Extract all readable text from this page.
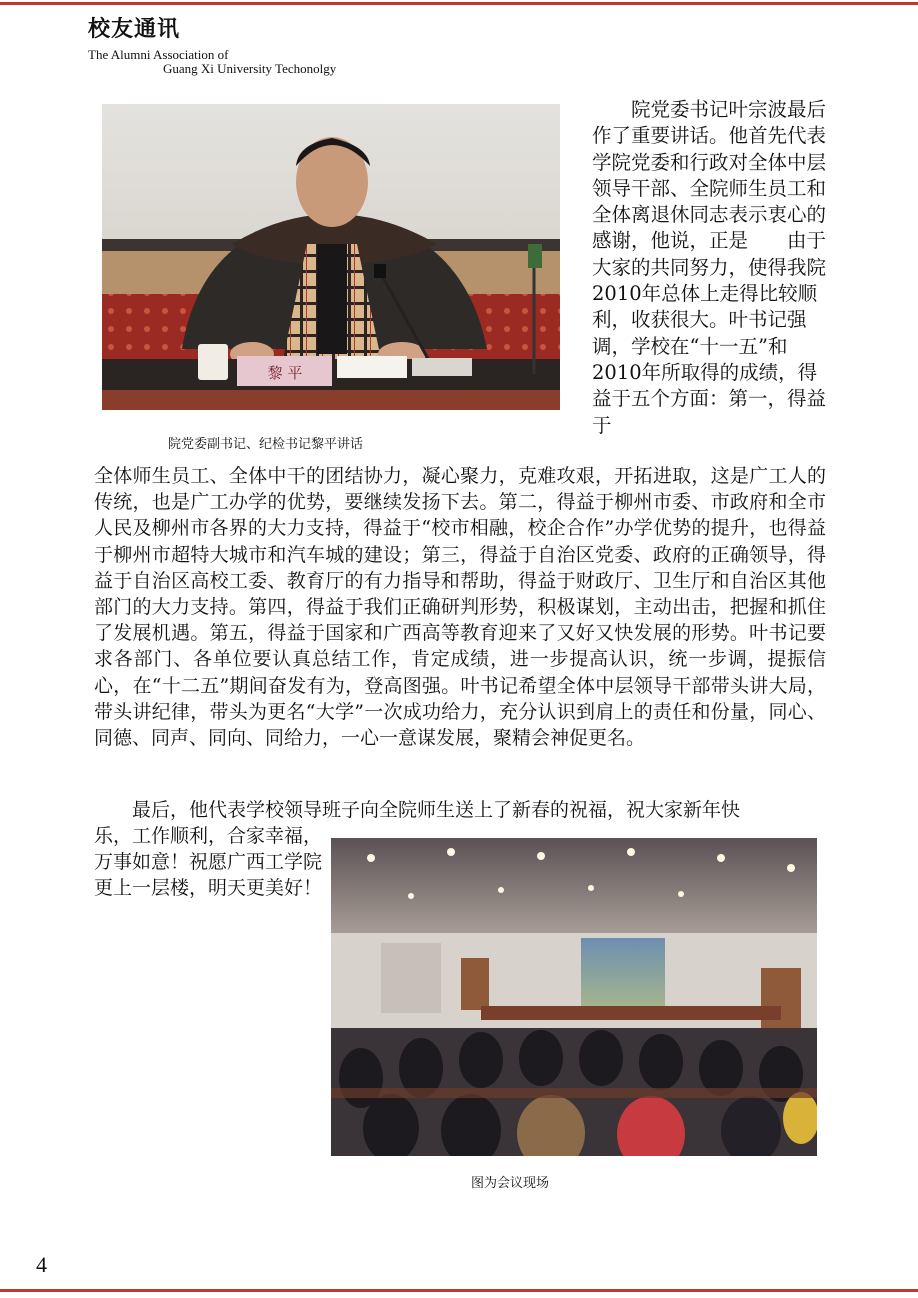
校友通讯
The Alumni Association of
Guang Xi University Techonolgy
黎 平
院党委副书记、纪检书记黎平讲话

　　院党委书记叶宗波最后作了重要讲话。他首先代表学院党委和行政对全体中层领导干部、全院师生员工和全体离退休同志表示衷心的感谢，他说，正是　　由于大家的共同努力，使得我院2010年总体上走得比较顺利，收获很大。叶书记强调，学校在“十一五”和2010年所取得的成绩，得益于五个方面：第一，得益于

全体师生员工、全体中干的团结协力，凝心聚力，克难攻艰，开拓进取，这是广工人的传统，也是广工办学的优势，要继续发扬下去。第二，得益于柳州市委、市政府和全市人民及柳州市各界的大力支持，得益于“校市相融，校企合作”办学优势的提升，也得益于柳州市超特大城市和汽车城的建设；第三，得益于自治区党委、政府的正确领导，得益于自治区高校工委、教育厅的有力指导和帮助，得益于财政厅、卫生厅和自治区其他部门的大力支持。第四，得益于我们正确研判形势，积极谋划，主动出击，把握和抓住了发展机遇。第五，得益于国家和广西高等教育迎来了又好又快发展的形势。叶书记要求各部门、各单位要认真总结工作，肯定成绩，进一步提高认识，统一步调，提振信心，在“十二五”期间奋发有为，登高图强。叶书记希望全体中层领导干部带头讲大局，带头讲纪律，带头为更名“大学”一次成功给力，充分认识到肩上的责任和份量，同心、同德、同声、同向、同给力，一心一意谋发展，聚精会神促更名。

　　最后，他代表学校领导班子向全院师生送上了新春的祝福，祝大家新年快

乐，工作顺利，合家幸福，万事如意！祝愿广西工学院更上一层楼，明天更美好！

图为会议现场
4
